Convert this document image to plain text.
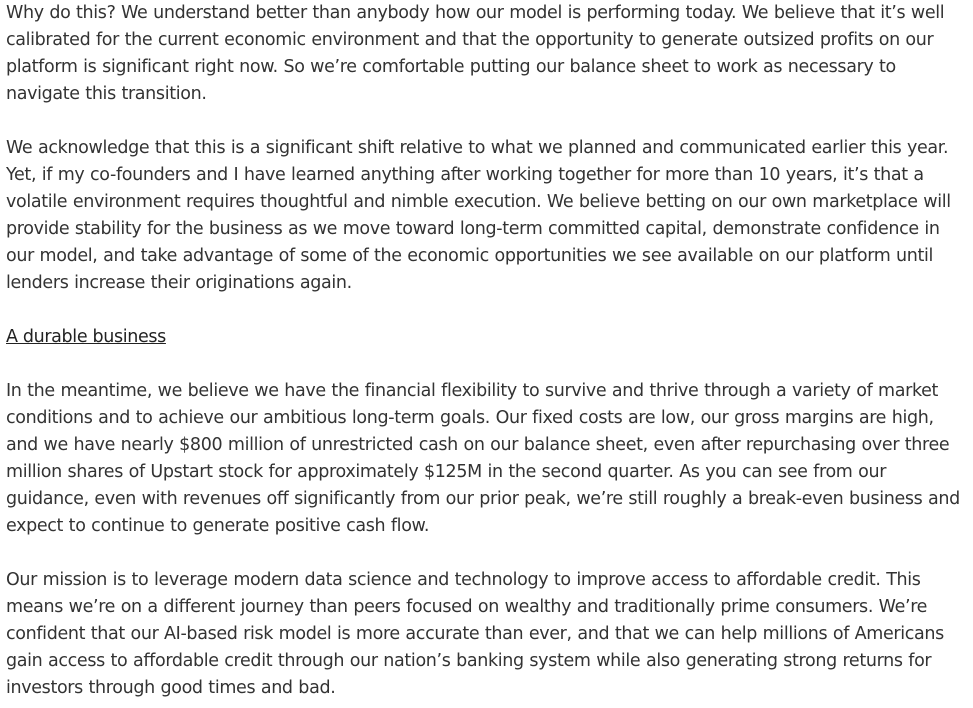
Why do this? We understand better than anybody how our model is performing today. We believe that it’s well calibrated for the current economic environment and that the opportunity to generate outsized profits on our platform is significant right now. So we’re comfortable putting our balance sheet to work as necessary to navigate this transition.

We acknowledge that this is a significant shift relative to what we planned and communicated earlier this year. Yet, if my co-founders and I have learned anything after working together for more than 10 years, it’s that a volatile environment requires thoughtful and nimble execution. We believe betting on our own marketplace will provide stability for the business as we move toward long-term committed capital, demonstrate confidence in our model, and take advantage of some of the economic opportunities we see available on our platform until lenders increase their originations again.

A durable business

In the meantime, we believe we have the financial flexibility to survive and thrive through a variety of market conditions and to achieve our ambitious long-term goals. Our fixed costs are low, our gross margins are high, and we have nearly $800 million of unrestricted cash on our balance sheet, even after repurchasing over three million shares of Upstart stock for approximately $125M in the second quarter. As you can see from our guidance, even with revenues off significantly from our prior peak, we’re still roughly a break-even business and expect to continue to generate positive cash flow.

Our mission is to leverage modern data science and technology to improve access to affordable credit. This means we’re on a different journey than peers focused on wealthy and traditionally prime consumers. We’re confident that our AI-based risk model is more accurate than ever, and that we can help millions of Americans gain access to affordable credit through our nation’s banking system while also generating strong returns for investors through good times and bad.
